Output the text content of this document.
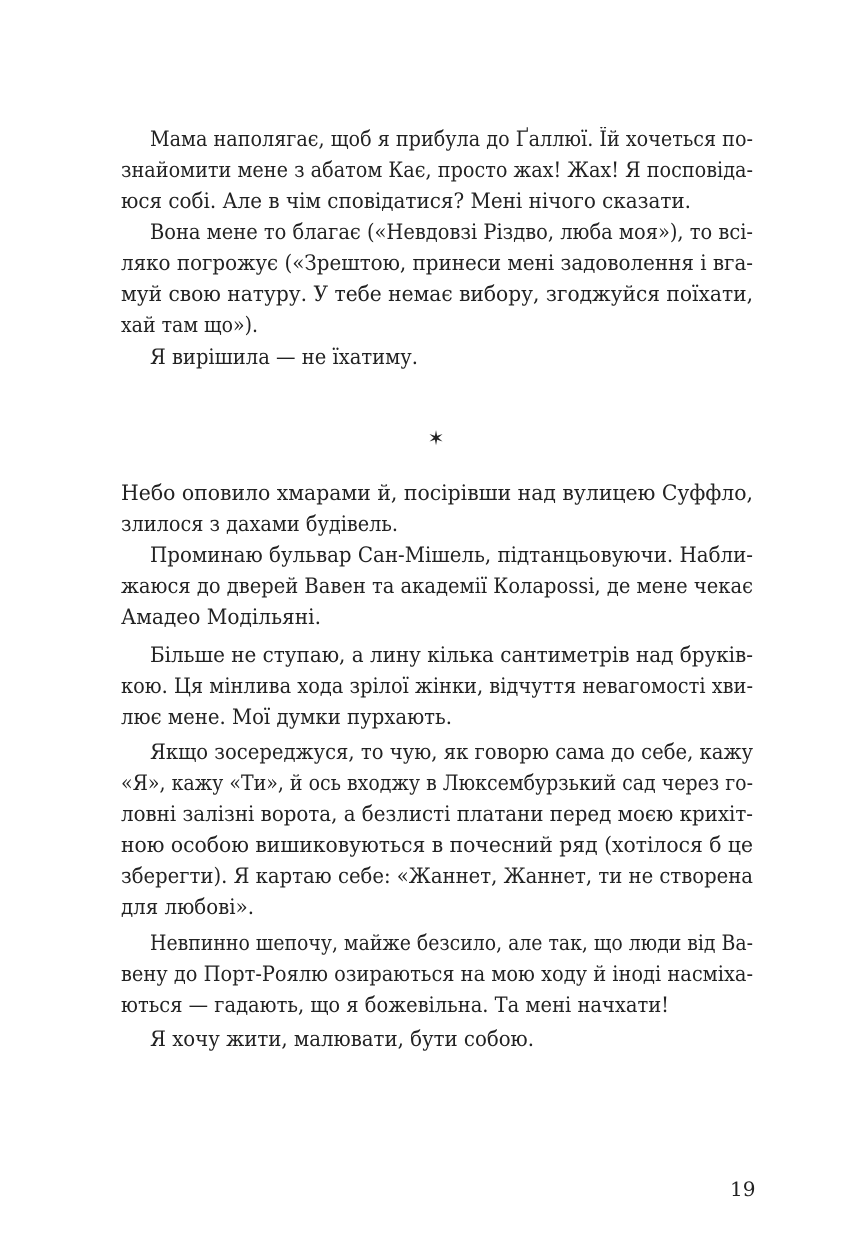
Мама наполягає, щоб я прибула до Ґаллюї. Їй хочеться по-

знайомити мене з абатом Кає, просто жах! Жах! Я посповіда-

юся собі. Але в чім сповідатися? Мені нічого сказати.

Вона мене то благає («Невдовзі Різдво, люба моя»), то всі-

ляко погрожує («Зрештою, принеси мені задоволення і вга-

муй свою натуру. У тебе немає вибору, згоджуйся поїхати,

хай там що»).

Я вирішила — не їхатиму.

✶

Небо оповило хмарами й, посірівши над вулицею Суффло,

злилося з дахами будівель.

Проминаю бульвар Сан-Мішель, підтанцьовуючи. Набли-

жаюся до дверей Вавен та академії Коларossі, де мене чекає

Амадео Модільяні.

Більше не ступаю, а лину кілька сантиметрів над бруків-

кою. Ця мінлива хода зрілої жінки, відчуття невагомості хви-

лює мене. Мої думки пурхають.

Якщо зосереджуся, то чую, як говорю сама до себе, кажу

«Я», кажу «Ти», й ось входжу в Люксембурзький сад через го-

ловні залізні ворота, а безлисті платани перед моєю крихіт-

ною особою вишиковуються в почесний ряд (хотілося б це

зберегти). Я картаю себе: «Жаннет, Жаннет, ти не створена

для любові».

Невпинно шепочу, майже безсило, але так, що люди від Ва-

вену до Порт-Роялю озираються на мою ходу й іноді насміха-

ються — гадають, що я божевільна. Та мені начхати!

Я хочу жити, малювати, бути собою.

19
